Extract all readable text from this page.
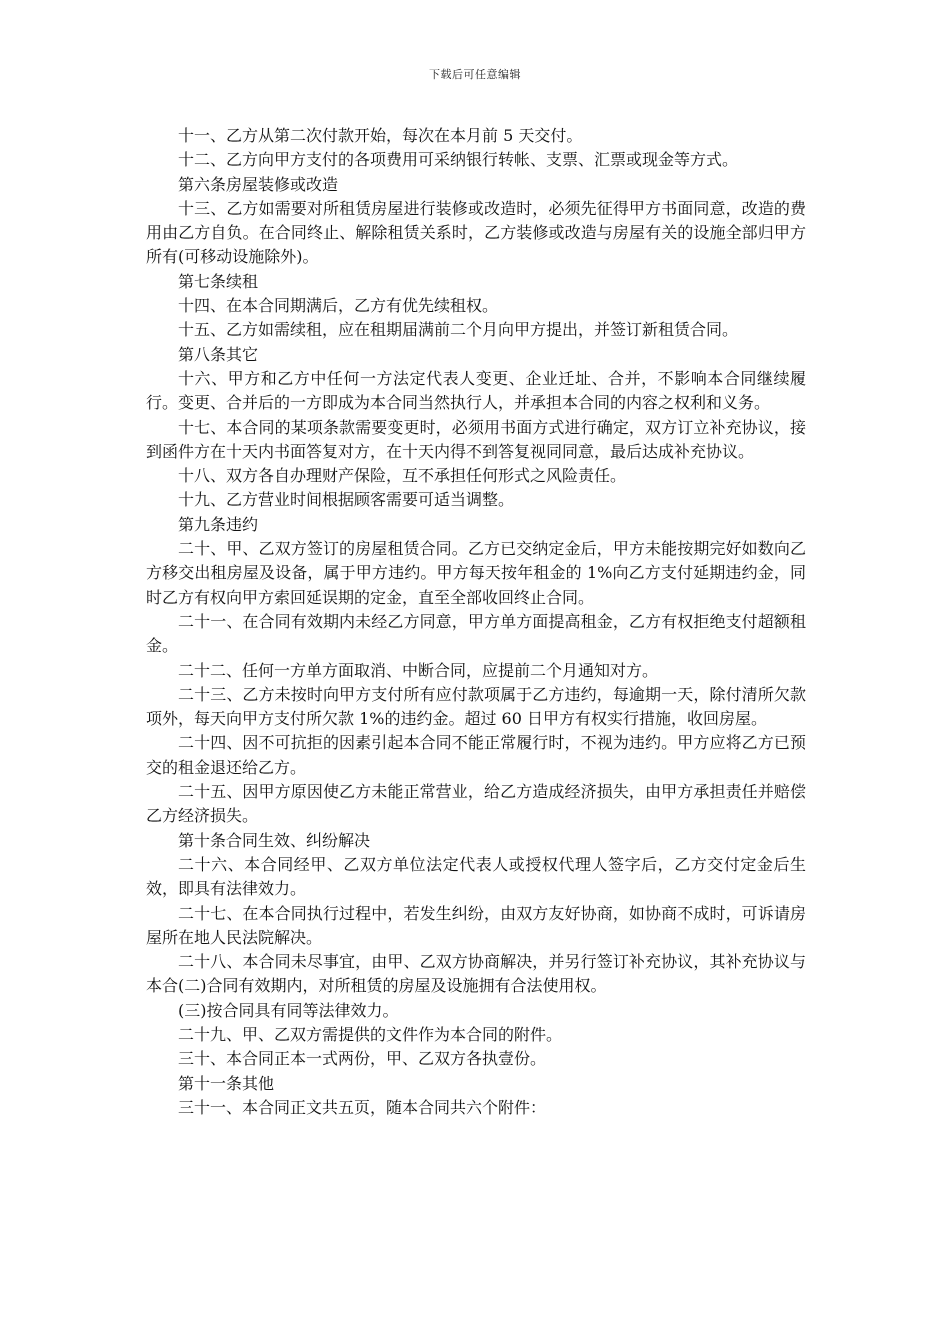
下载后可任意编辑

十一、乙方从第二次付款开始，每次在本月前 5 天交付。

十二、乙方向甲方支付的各项费用可采纳银行转帐、支票、汇票或现金等方式。

第六条房屋装修或改造

十三、乙方如需要对所租赁房屋进行装修或改造时，必须先征得甲方书面同意，改造的费用由乙方自负。在合同终止、解除租赁关系时，乙方装修或改造与房屋有关的设施全部归甲方所有(可移动设施除外)。

第七条续租

十四、在本合同期满后，乙方有优先续租权。

十五、乙方如需续租，应在租期届满前二个月向甲方提出，并签订新租赁合同。

第八条其它

十六、甲方和乙方中任何一方法定代表人变更、企业迁址、合并，不影响本合同继续履行。变更、合并后的一方即成为本合同当然执行人，并承担本合同的内容之权利和义务。

十七、本合同的某项条款需要变更时，必须用书面方式进行确定，双方订立补充协议，接到函件方在十天内书面答复对方，在十天内得不到答复视同同意，最后达成补充协议。

十八、双方各自办理财产保险，互不承担任何形式之风险责任。

十九、乙方营业时间根据顾客需要可适当调整。

第九条违约

二十、甲、乙双方签订的房屋租赁合同。乙方已交纳定金后，甲方未能按期完好如数向乙方移交出租房屋及设备，属于甲方违约。甲方每天按年租金的 1%向乙方支付延期违约金，同时乙方有权向甲方索回延误期的定金，直至全部收回终止合同。

二十一、在合同有效期内未经乙方同意，甲方单方面提高租金，乙方有权拒绝支付超额租金。

二十二、任何一方单方面取消、中断合同，应提前二个月通知对方。

二十三、乙方未按时向甲方支付所有应付款项属于乙方违约，每逾期一天，除付清所欠款项外，每天向甲方支付所欠款 1%的违约金。超过 60 日甲方有权实行措施，收回房屋。

二十四、因不可抗拒的因素引起本合同不能正常履行时，不视为违约。甲方应将乙方已预交的租金退还给乙方。

二十五、因甲方原因使乙方未能正常营业，给乙方造成经济损失，由甲方承担责任并赔偿乙方经济损失。

第十条合同生效、纠纷解决

二十六、本合同经甲、乙双方单位法定代表人或授权代理人签字后，乙方交付定金后生效，即具有法律效力。

二十七、在本合同执行过程中，若发生纠纷，由双方友好协商，如协商不成时，可诉请房屋所在地人民法院解决。

二十八、本合同未尽事宜，由甲、乙双方协商解决，并另行签订补充协议，其补充协议与本合(二)合同有效期内，对所租赁的房屋及设施拥有合法使用权。

(三)按合同具有同等法律效力。

二十九、甲、乙双方需提供的文件作为本合同的附件。

三十、本合同正本一式两份，甲、乙双方各执壹份。

第十一条其他

三十一、本合同正文共五页，随本合同共六个附件：
